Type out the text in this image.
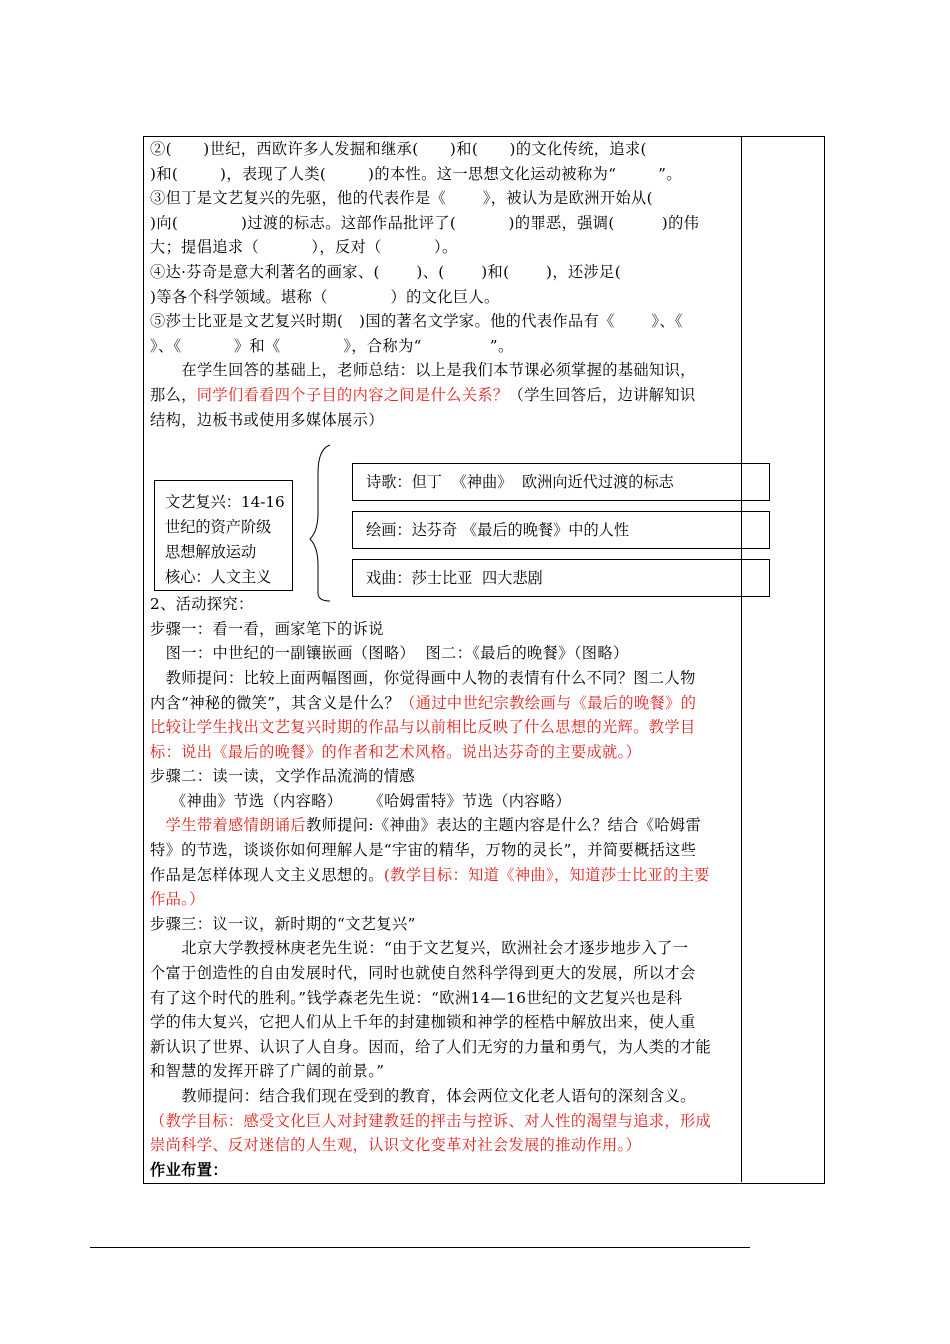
②(      )世纪，西欧许多人发掘和继承(      )和(      )的文化传统，追求(

)和(        )，表现了人类(        )的本性。这一思想文化运动被称为“        ”。

③但丁是文艺复兴的先驱，他的代表作是《       》，被认为是欧洲开始从(

)向(            )过渡的标志。这部作品批评了(          )的罪恶，强调(         )的伟

大；提倡追求（          ），反对（          ）。

④达·芬奇是意大利著名的画家、(       )、(       )和(       )，还涉足(

)等各个科学领域。堪称（            ）的文化巨人。

⑤莎士比亚是文艺复兴时期(   )国的著名文学家。他的代表作品有《       》、《

》、《          》和《            》，合称为“             ”。

在学生回答的基础上，老师总结：以上是我们本节课必须掌握的基础知识，

那么，同学们看看四个子目的内容之间是什么关系？（学生回答后，边讲解知识

结构，边板书或使用多媒体展示）

2、活动探究：

步骤一：看一看，画家笔下的诉说

图一：中世纪的一副镶嵌画（图略）  图二：《最后的晚餐》（图略）

教师提问：比较上面两幅图画，你觉得画中人物的表情有什么不同？图二人物

内含“神秘的微笑”，其含义是什么？（通过中世纪宗教绘画与《最后的晚餐》的

比较让学生找出文艺复兴时期的作品与以前相比反映了什么思想的光辉。教学目

标：说出《最后的晚餐》的作者和艺术风格。说出达芬奇的主要成就。）

步骤二：读一读，文学作品流淌的情感

《神曲》节选（内容略）     《哈姆雷特》节选（内容略）

学生带着感情朗诵后教师提问:《神曲》表达的主题内容是什么？结合《哈姆雷

特》的节选，谈谈你如何理解人是“宇宙的精华，万物的灵长”，并简要概括这些

作品是怎样体现人文主义思想的。(教学目标：知道《神曲》，知道莎士比亚的主要

作品。）

步骤三：议一议，新时期的“文艺复兴”

北京大学教授林庚老先生说：“由于文艺复兴，欧洲社会才逐步地步入了一

个富于创造性的自由发展时代，同时也就使自然科学得到更大的发展，所以才会

有了这个时代的胜利。”钱学森老先生说：“欧洲14—16世纪的文艺复兴也是科

学的伟大复兴，它把人们从上千年的封建枷锁和神学的桎梏中解放出来，使人重

新认识了世界、认识了人自身。因而，给了人们无穷的力量和勇气，为人类的才能

和智慧的发挥开辟了广阔的前景。”

教师提问：结合我们现在受到的教育，体会两位文化老人语句的深刻含义。

（教学目标：感受文化巨人对封建教廷的抨击与控诉、对人性的渴望与追求，形成

崇尚科学、反对迷信的人生观，认识文化变革对社会发展的推动作用。）

作业布置：

文艺复兴：14-16
世纪的资产阶级
思想解放运动
核心：人文主义
诗歌：但丁  《神曲》  欧洲向近代过渡的标志
绘画：达芬奇 《最后的晚餐》中的人性
戏曲：莎士比亚  四大悲剧
